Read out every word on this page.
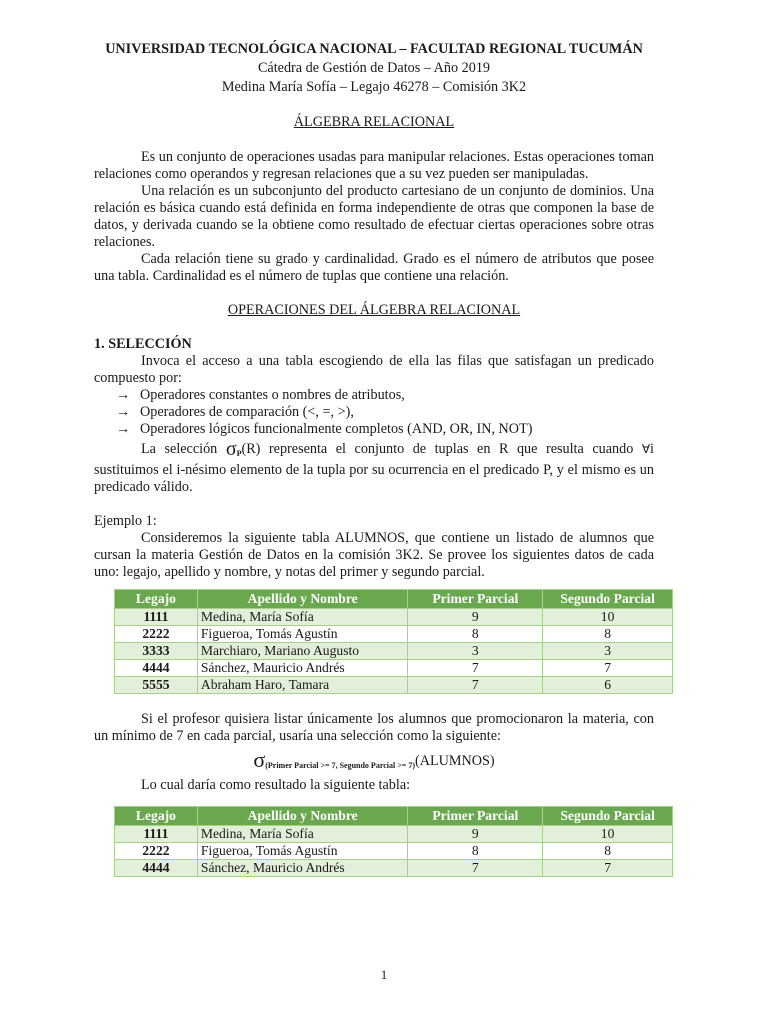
UNIVERSIDAD TECNOLÓGICA NACIONAL – FACULTAD REGIONAL TUCUMÁN
Cátedra de Gestión de Datos – Año 2019
Medina María Sofía – Legajo 46278 – Comisión 3K2
ÁLGEBRA RELACIONAL

Es un conjunto de operaciones usadas para manipular relaciones. Estas operaciones toman relaciones como operandos y regresan relaciones que a su vez pueden ser manipuladas.

Una relación es un subconjunto del producto cartesiano de un conjunto de dominios. Una relación es básica cuando está definida en forma independiente de otras que componen la base de datos, y derivada cuando se la obtiene como resultado de efectuar ciertas operaciones sobre otras relaciones.

Cada relación tiene su grado y cardinalidad. Grado es el número de atributos que posee una tabla. Cardinalidad es el número de tuplas que contiene una relación.

OPERACIONES DEL ÁLGEBRA RELACIONAL
1. SELECCIÓN

Invoca el acceso a una tabla escogiendo de ella las filas que satisfagan un predicado compuesto por:

→ Operadores constantes o nombres de atributos,
→ Operadores de comparación (<, =, >),
→ Operadores lógicos funcionalmente completos (AND, OR, IN, NOT)

La selección $\sigma_P(R)$ representa el conjunto de tuplas en R que resulta cuando ∀i sustituimos el i-nésimo elemento de la tupla por su ocurrencia en el predicado P, y el mismo es un predicado válido.

Ejemplo 1:

Consideremos la siguiente tabla ALUMNOS, que contiene un listado de alumnos que cursan la materia Gestión de Datos en la comisión 3K2. Se provee los siguientes datos de cada uno: legajo, apellido y nombre, y notas del primer y segundo parcial.

Legajo	Apellido y Nombre	Primer Parcial	Segundo Parcial
1111	Medina, María Sofía	9	10
2222	Figueroa, Tomás Agustín	8	8
3333	Marchiaro, Mariano Augusto	3	3
4444	Sánchez, Mauricio Andrés	7	7
5555	Abraham Haro, Tamara	7	6

Si el profesor quisiera listar únicamente los alumnos que promocionaron la materia, con un mínimo de 7 en cada parcial, usaría una selección como la siguiente:

$\sigma_{(Primer Parcial >= 7, Segundo Parcial >= 7)}(ALUMNOS)$

Lo cual daría como resultado la siguiente tabla:

Legajo	Apellido y Nombre	Primer Parcial	Segundo Parcial
1111	Medina, María Sofía	9	10
2222	Figueroa, Tomás Agustín	8	8
4444	Sánchez, Mauricio Andrés	7	7
1
